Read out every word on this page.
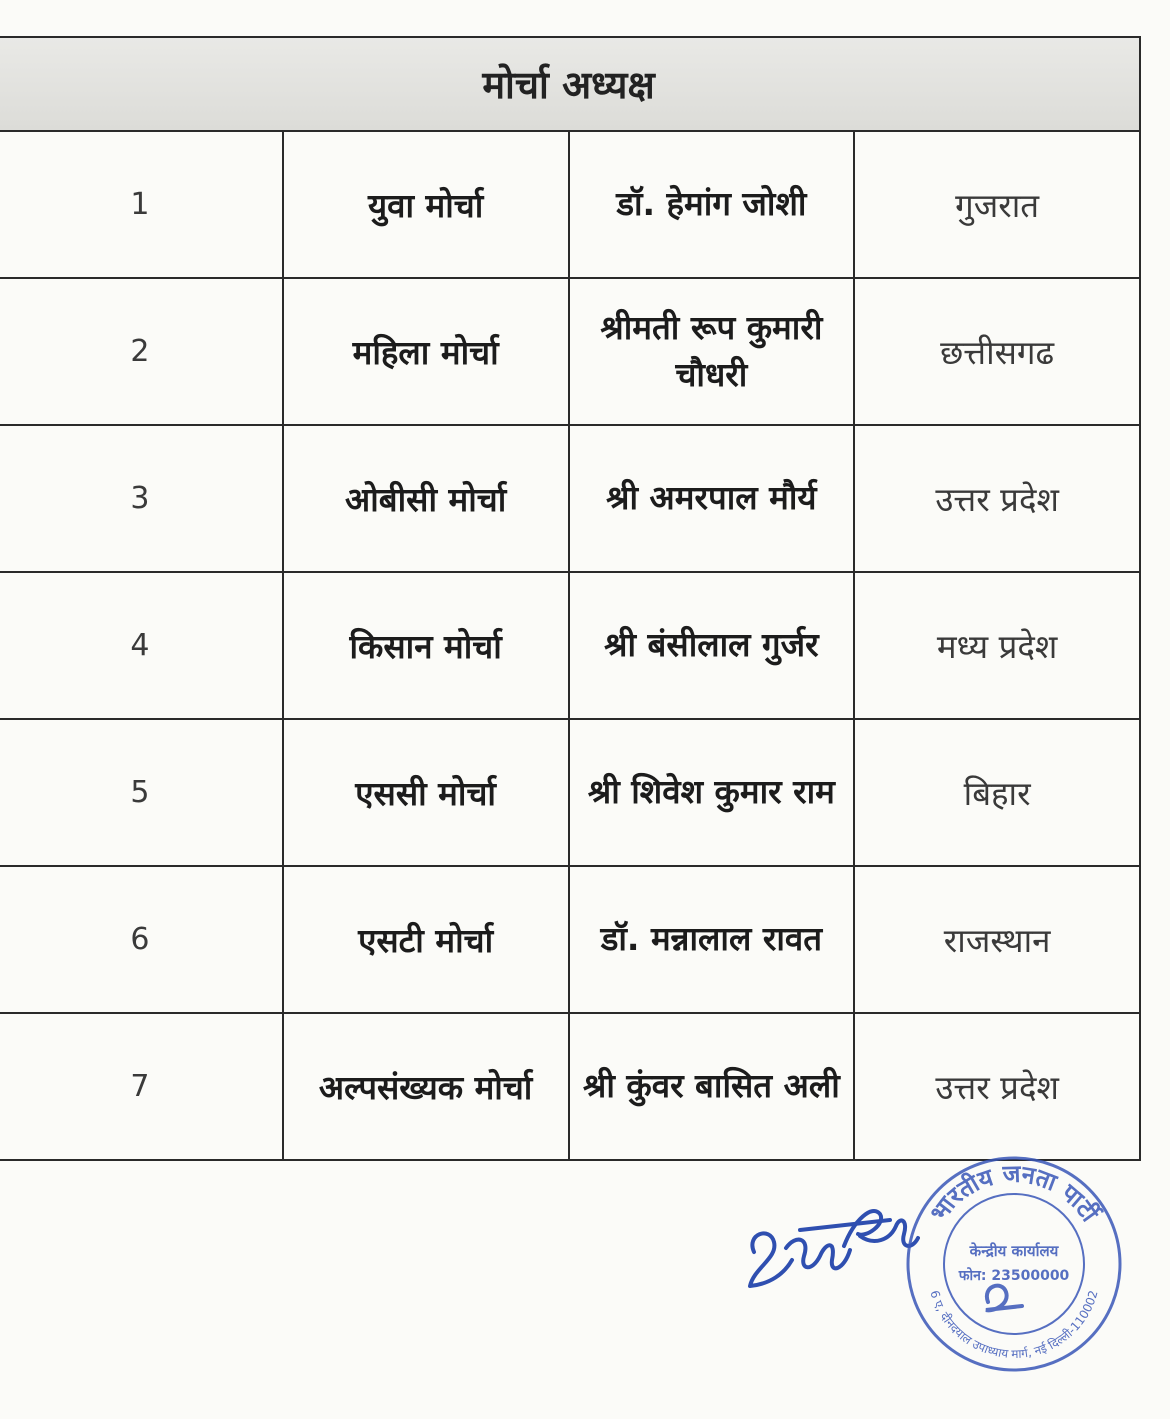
मोर्चा अध्यक्ष			
1	युवा मोर्चा	डॉ. हेमांग जोशी	गुजरात
2	महिला मोर्चा	श्रीमती रूप कुमारी चौधरी	छत्तीसगढ
3	ओबीसी मोर्चा	श्री अमरपाल मौर्य	उत्तर प्रदेश
4	किसान मोर्चा	श्री बंसीलाल गुर्जर	मध्य प्रदेश
5	एससी मोर्चा	श्री शिवेश कुमार राम	बिहार
6	एसटी मोर्चा	डॉ. मन्नालाल रावत	राजस्थान
7	अल्पसंख्यक मोर्चा	श्री कुंवर बासित अली	उत्तर प्रदेश
भारतीय जनता पार्टी
6 ए, दीनदयाल उपाध्याय मार्ग, नई दिल्ली-110002
केन्द्रीय कार्यालय
फोन: 23500000
